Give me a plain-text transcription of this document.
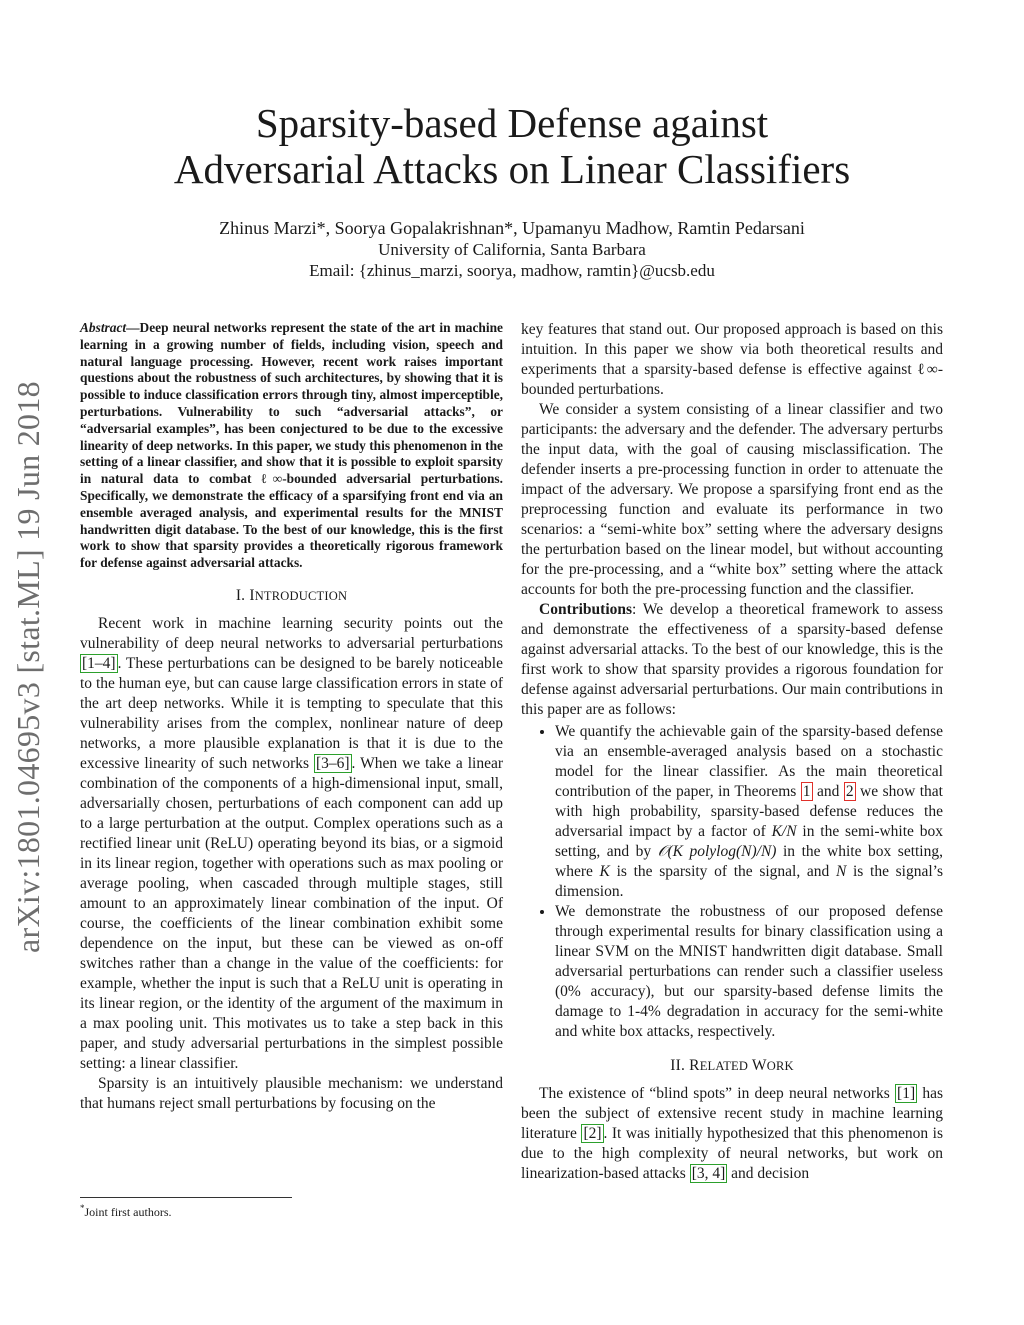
arXiv:1801.04695v3 [stat.ML] 19 Jun 2018
Sparsity-based Defense against
Adversarial Attacks on Linear Classifiers
Zhinus Marzi*, Soorya Gopalakrishnan*, Upamanyu Madhow, Ramtin Pedarsani
University of California, Santa Barbara
Email: {zhinus_marzi, soorya, madhow, ramtin}@ucsb.edu

Abstract—Deep neural networks represent the state of the art in machine learning in a growing number of fields, including vision, speech and natural language processing. However, recent work raises important questions about the robustness of such architectures, by showing that it is possible to induce classification errors through tiny, almost imperceptible, perturbations. Vulnerability to such “adversarial attacks”, or “adversarial examples”, has been conjectured to be due to the excessive linearity of deep networks. In this paper, we study this phenomenon in the setting of a linear classifier, and show that it is possible to exploit sparsity in natural data to combat ℓ∞-bounded adversarial perturbations. Specifically, we demonstrate the efficacy of a sparsifying front end via an ensemble averaged analysis, and experimental results for the MNIST handwritten digit database. To the best of our knowledge, this is the first work to show that sparsity provides a theoretically rigorous framework for defense against adversarial attacks.

I. INTRODUCTION

Recent work in machine learning security points out the vulnerability of deep neural networks to adversarial perturbations [1–4] . These perturbations can be designed to be barely noticeable to the human eye, but can cause large classification errors in state of the art deep networks. While it is tempting to speculate that this vulnerability arises from the complex, nonlinear nature of deep networks, a more plausible explanation is that it is due to the excessive linearity of such networks [3–6] . When we take a linear combination of the components of a high-dimensional input, small, adversarially chosen, perturbations of each component can add up to a large perturbation at the output. Complex operations such as a rectified linear unit (ReLU) operating beyond its bias, or a sigmoid in its linear region, together with operations such as max pooling or average pooling, when cascaded through multiple stages, still amount to an approximately linear combination of the input. Of course, the coefficients of the linear combination exhibit some dependence on the input, but these can be viewed as on-off switches rather than a change in the value of the coefficients: for example, whether the input is such that a ReLU unit is operating in its linear region, or the identity of the argument of the maximum in a max pooling unit. This motivates us to take a step back in this paper, and study adversarial perturbations in the simplest possible setting: a linear classifier.

Sparsity is an intuitively plausible mechanism: we understand that humans reject small perturbations by focusing on the

key features that stand out. Our proposed approach is based on this intuition. In this paper we show via both theoretical results and experiments that a sparsity-based defense is effective against ℓ∞-bounded perturbations.

We consider a system consisting of a linear classifier and two participants: the adversary and the defender. The adversary perturbs the input data, with the goal of causing misclassification. The defender inserts a pre-processing function in order to attenuate the impact of the adversary. We propose a sparsifying front end as the preprocessing function and evaluate its performance in two scenarios: a “semi-white box” setting where the adversary designs the perturbation based on the linear model, but without accounting for the pre-processing, and a “white box” setting where the attack accounts for both the pre-processing function and the classifier.

Contributions: We develop a theoretical framework to assess and demonstrate the effectiveness of a sparsity-based defense against adversarial attacks. To the best of our knowledge, this is the first work to show that sparsity provides a rigorous foundation for defense against adversarial perturbations. Our main contributions in this paper are as follows:

• We quantify the achievable gain of the sparsity-based defense via an ensemble-averaged analysis based on a stochastic model for the linear classifier. As the main theoretical contribution of the paper, in Theorems 1 and 2 we show that with high probability, sparsity-based defense reduces the adversarial impact by a factor of K/N in the semi-white box setting, and by 𝒪(K polylog(N)/N) in the white box setting, where K is the sparsity of the signal, and N is the signal’s dimension.
• We demonstrate the robustness of our proposed defense through experimental results for binary classification using a linear SVM on the MNIST handwritten digit database. Small adversarial perturbations can render such a classifier useless (0% accuracy), but our sparsity-based defense limits the damage to 1-4% degradation in accuracy for the semi-white and white box attacks, respectively.
II. RELATED WORK

The existence of “blind spots” in deep neural networks [1] has been the subject of extensive recent study in machine learning literature [2] . It was initially hypothesized that this phenomenon is due to the high complexity of neural networks, but work on linearization-based attacks [3, 4] and decision

*Joint first authors.
